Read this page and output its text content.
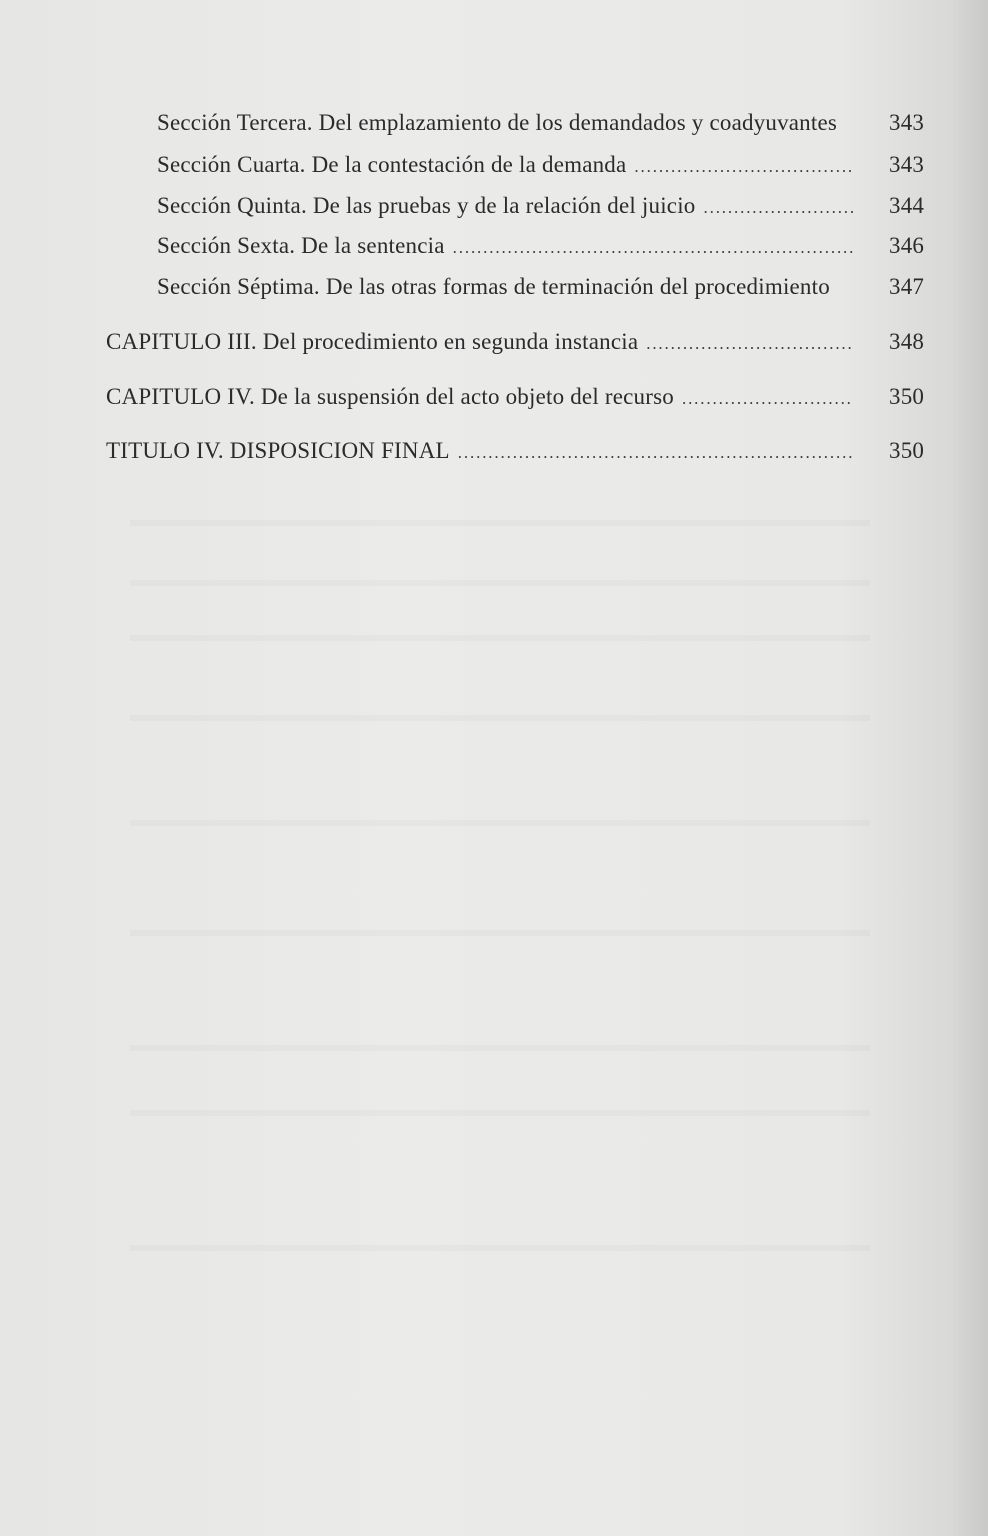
Sección Tercera. Del emplazamiento de los demandados y coadyuvantes 343
Sección Cuarta. De la contestación de la demanda . . .	343
Sección Quinta. De las pruebas y de la relación del juicio . . .	344
Sección Sexta. De la sentencia . . .	346
Sección Séptima. De las otras formas de terminación del procedimiento	347
CAPITULO III. Del procedimiento en segunda instancia . . .	348
CAPITULO IV. De la suspensión del acto objeto del recurso . . .	350
TITULO IV. DISPOSICION FINAL . . .	350
